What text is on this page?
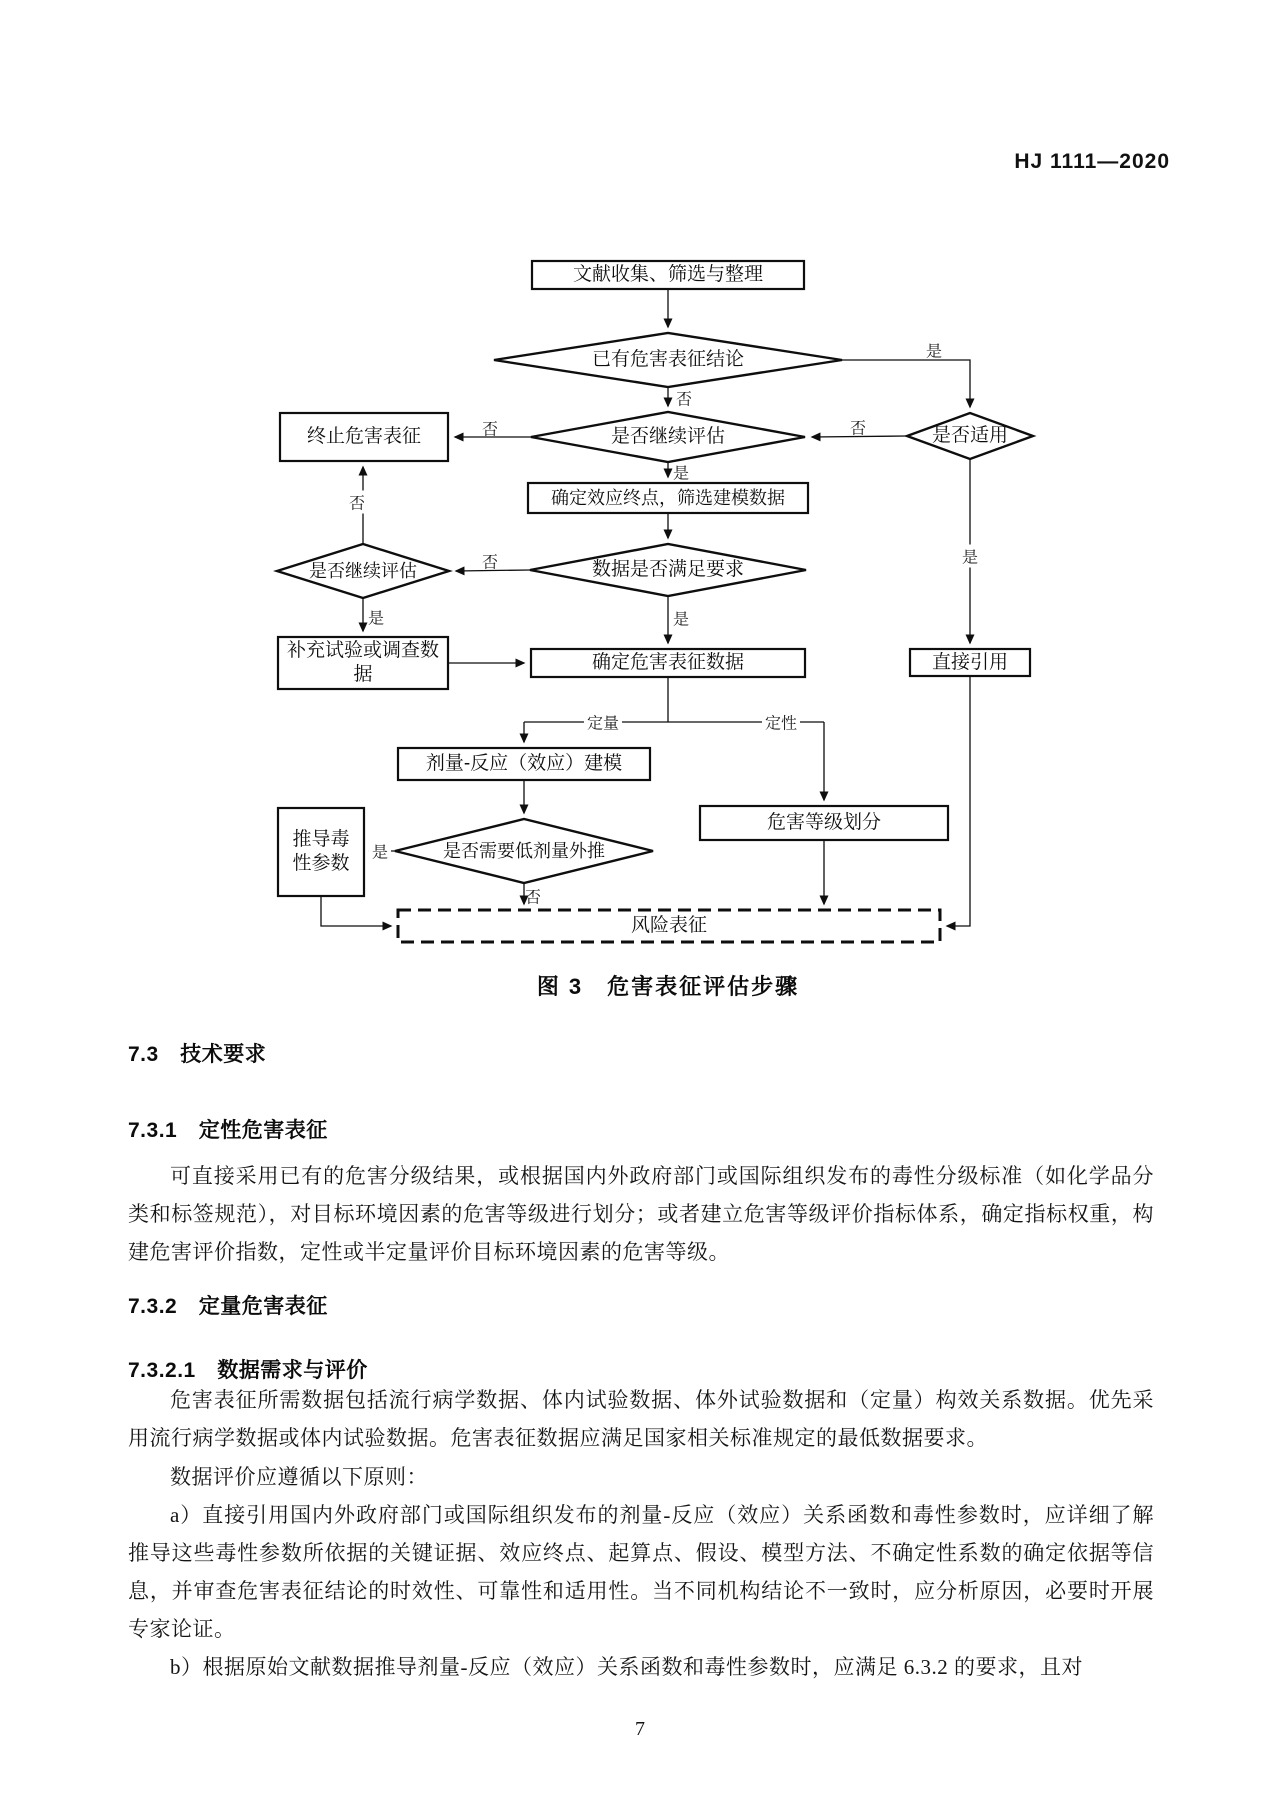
HJ 1111—2020
文献收集、筛选与整理
已有危害表征结论
终止危害表征	是否继续评估	是否适用
确定效应终点，筛选建模数据
数据是否满足要求
是否继续评估
补充试验或调查数据
确定危害表征数据	直接引用
剂量-反应（效应）建模
危害等级划分
是否需要低剂量外推
推导毒性参数
风险表征
否
是
否	否
是
否
否
是	是
是
定量	定性
是
否
图 3　危害表征评估步骤
7.3　技术要求
7.3.1　定性危害表征

可直接采用已有的危害分级结果，或根据国内外政府部门或国际组织发布的毒性分级标准（如化学品分类和标签规范），对目标环境因素的危害等级进行划分；或者建立危害等级评价指标体系，确定指标权重，构建危害评价指数，定性或半定量评价目标环境因素的危害等级。

7.3.2　定量危害表征
7.3.2.1　数据需求与评价

危害表征所需数据包括流行病学数据、体内试验数据、体外试验数据和（定量）构效关系数据。优先采用流行病学数据或体内试验数据。危害表征数据应满足国家相关标准规定的最低数据要求。

数据评价应遵循以下原则：

a）直接引用国内外政府部门或国际组织发布的剂量-反应（效应）关系函数和毒性参数时，应详细了解推导这些毒性参数所依据的关键证据、效应终点、起算点、假设、模型方法、不确定性系数的确定依据等信息，并审查危害表征结论的时效性、可靠性和适用性。当不同机构结论不一致时，应分析原因，必要时开展专家论证。

b）根据原始文献数据推导剂量-反应（效应）关系函数和毒性参数时，应满足 6.3.2 的要求，且对

7
